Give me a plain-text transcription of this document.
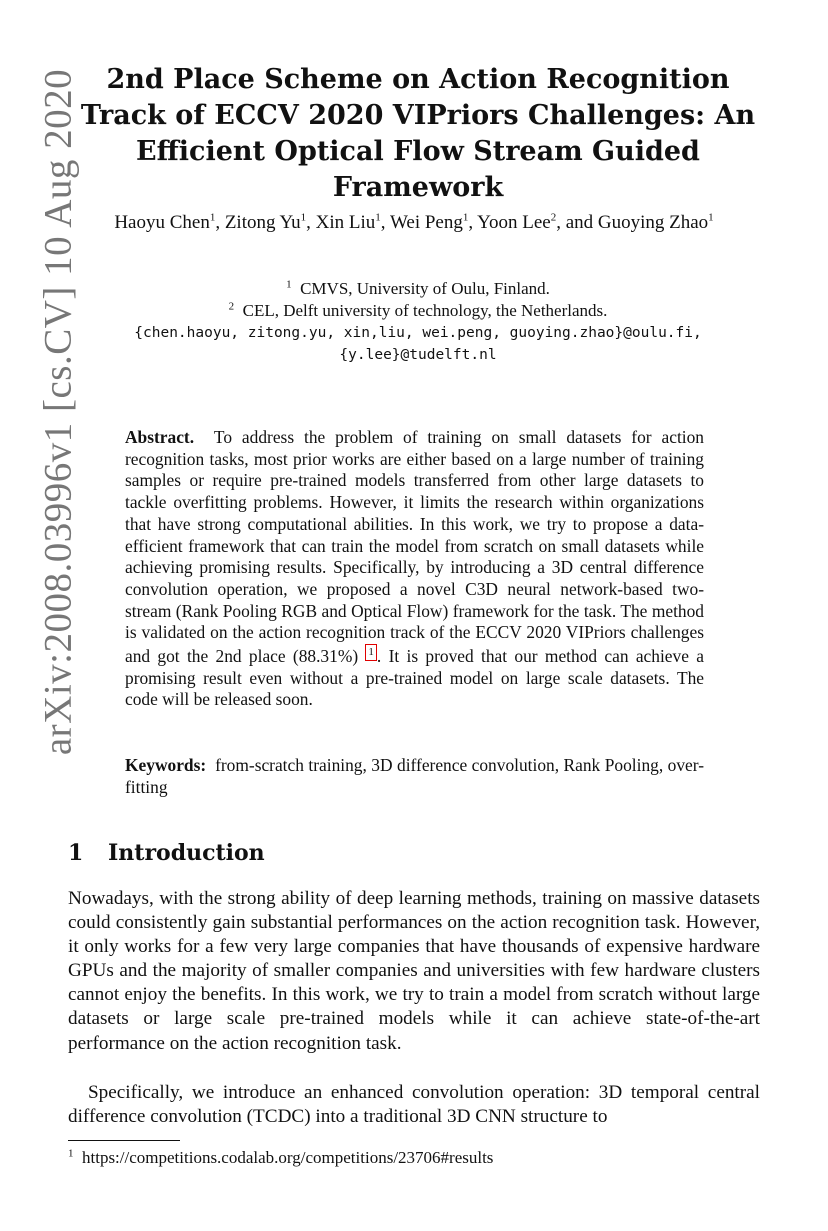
arXiv:2008.03996v1 [cs.CV] 10 Aug 2020 2nd Place Scheme on Action Recognition Track of ECCV 2020 VIPriors Challenges: An Efficient Optical Flow Stream Guided Framework
Haoyu Chen$^1$, Zitong Yu$^1$, Xin Liu$^1$, Wei Peng$^1$, Yoon Lee$^2$, and Guoying Zhao$^1$
$^1$ CMVS, University of Oulu, Finland.
$^2$ CEL, Delft university of technology, the Netherlands.
{chen.haoyu, zitong.yu, xin,liu, wei.peng, guoying.zhao}@oulu.fi,
{y.lee}@tudelft.nl

Abstract. To address the problem of training on small datasets for action recognition tasks, most prior works are either based on a large number of training samples or require pre-trained models transferred from other large datasets to tackle overfitting problems. However, it limits the research within organizations that have strong computational abilities. In this work, we try to propose a data-efficient framework that can train the model from scratch on small datasets while achieving promising results. Specifically, by introducing a 3D central difference convolution operation, we proposed a novel C3D neural network-based two-stream (Rank Pooling RGB and Optical Flow) framework for the task. The method is validated on the action recognition track of the ECCV 2020 VIPriors challenges and got the 2nd place (88.31%) 1 . It is proved that our method can achieve a promising result even without a pre-trained model on large scale datasets. The code will be released soon.

Keywords: from-scratch training, 3D difference convolution, Rank Pooling, over-fitting

1 Introduction

Nowadays, with the strong ability of deep learning methods, training on massive datasets could consistently gain substantial performances on the action recognition task. However, it only works for a few very large companies that have thousands of expensive hardware GPUs and the majority of smaller companies and universities with few hardware clusters cannot enjoy the benefits. In this work, we try to train a model from scratch without large datasets or large scale pre-trained models while it can achieve state-of-the-art performance on the action recognition task.

Specifically, we introduce an enhanced convolution operation: 3D temporal central difference convolution (TCDC) into a traditional 3D CNN structure to

$^1$ https://competitions.codalab.org/competitions/23706#results
